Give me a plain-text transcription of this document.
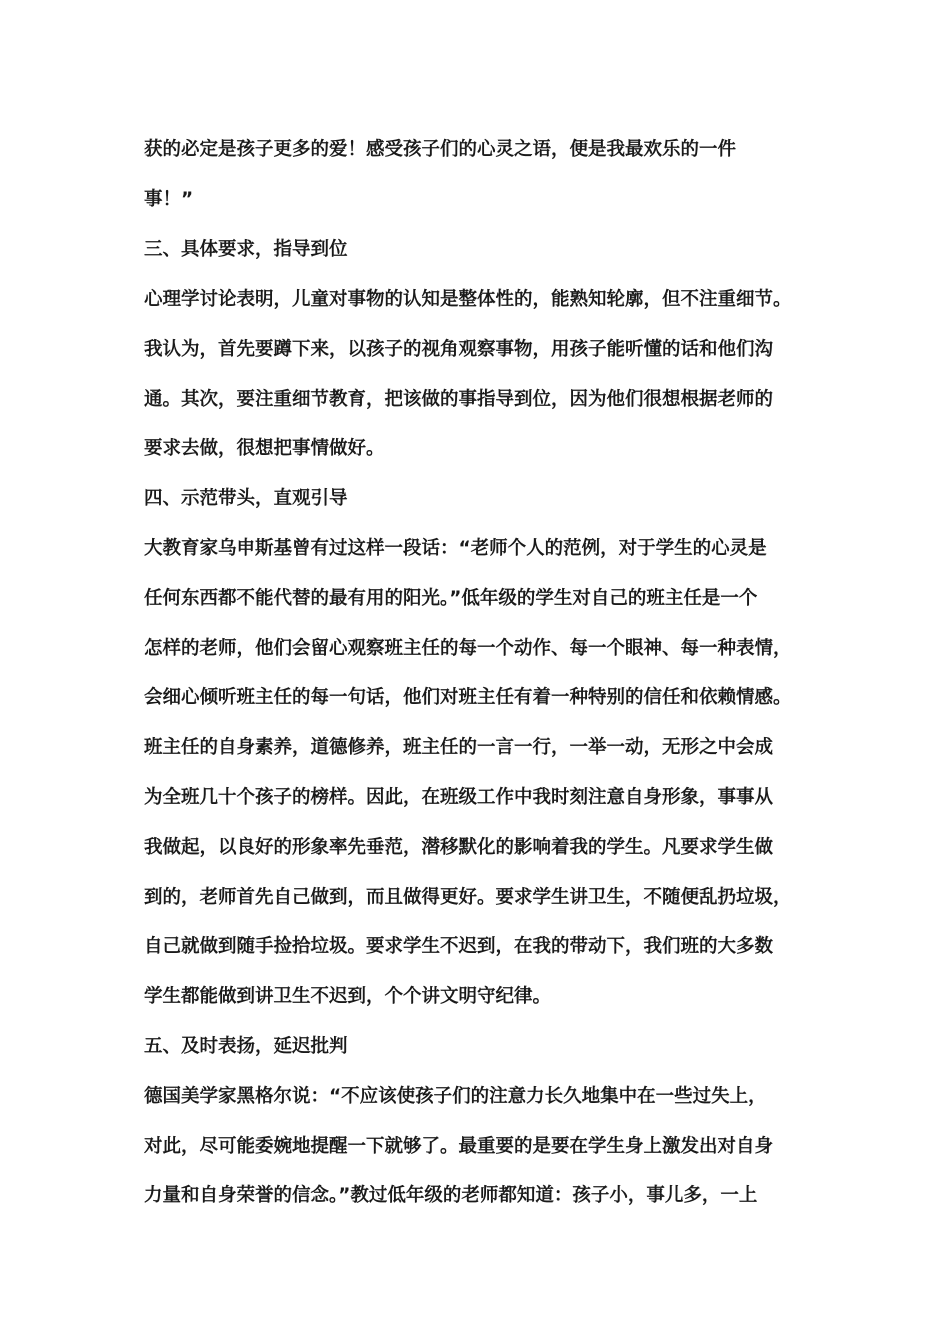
获的必定是孩子更多的爱！感受孩子们的心灵之语，便是我最欢乐的一件
事！”
三、具体要求，指导到位
心理学讨论表明，儿童对事物的认知是整体性的，能熟知轮廓，但不注重细节。
我认为，首先要蹲下来，以孩子的视角观察事物，用孩子能听懂的话和他们沟
通。其次，要注重细节教育，把该做的事指导到位，因为他们很想根据老师的
要求去做，很想把事情做好。
四、示范带头，直观引导
大教育家乌申斯基曾有过这样一段话：“老师个人的范例，对于学生的心灵是
任何东西都不能代替的最有用的阳光。”低年级的学生对自己的班主任是一个
怎样的老师，他们会留心观察班主任的每一个动作、每一个眼神、每一种表情，
会细心倾听班主任的每一句话，他们对班主任有着一种特别的信任和依赖情感。
班主任的自身素养，道德修养，班主任的一言一行，一举一动，无形之中会成
为全班几十个孩子的榜样。因此，在班级工作中我时刻注意自身形象，事事从
我做起，以良好的形象率先垂范，潜移默化的影响着我的学生。凡要求学生做
到的，老师首先自己做到，而且做得更好。要求学生讲卫生，不随便乱扔垃圾，
自己就做到随手捡拾垃圾。要求学生不迟到，在我的带动下，我们班的大多数
学生都能做到讲卫生不迟到，个个讲文明守纪律。
五、及时表扬，延迟批判
德国美学家黑格尔说：“不应该使孩子们的注意力长久地集中在一些过失上，
对此，尽可能委婉地提醒一下就够了。最重要的是要在学生身上激发出对自身
力量和自身荣誉的信念。”教过低年级的老师都知道：孩子小，事儿多，一上
